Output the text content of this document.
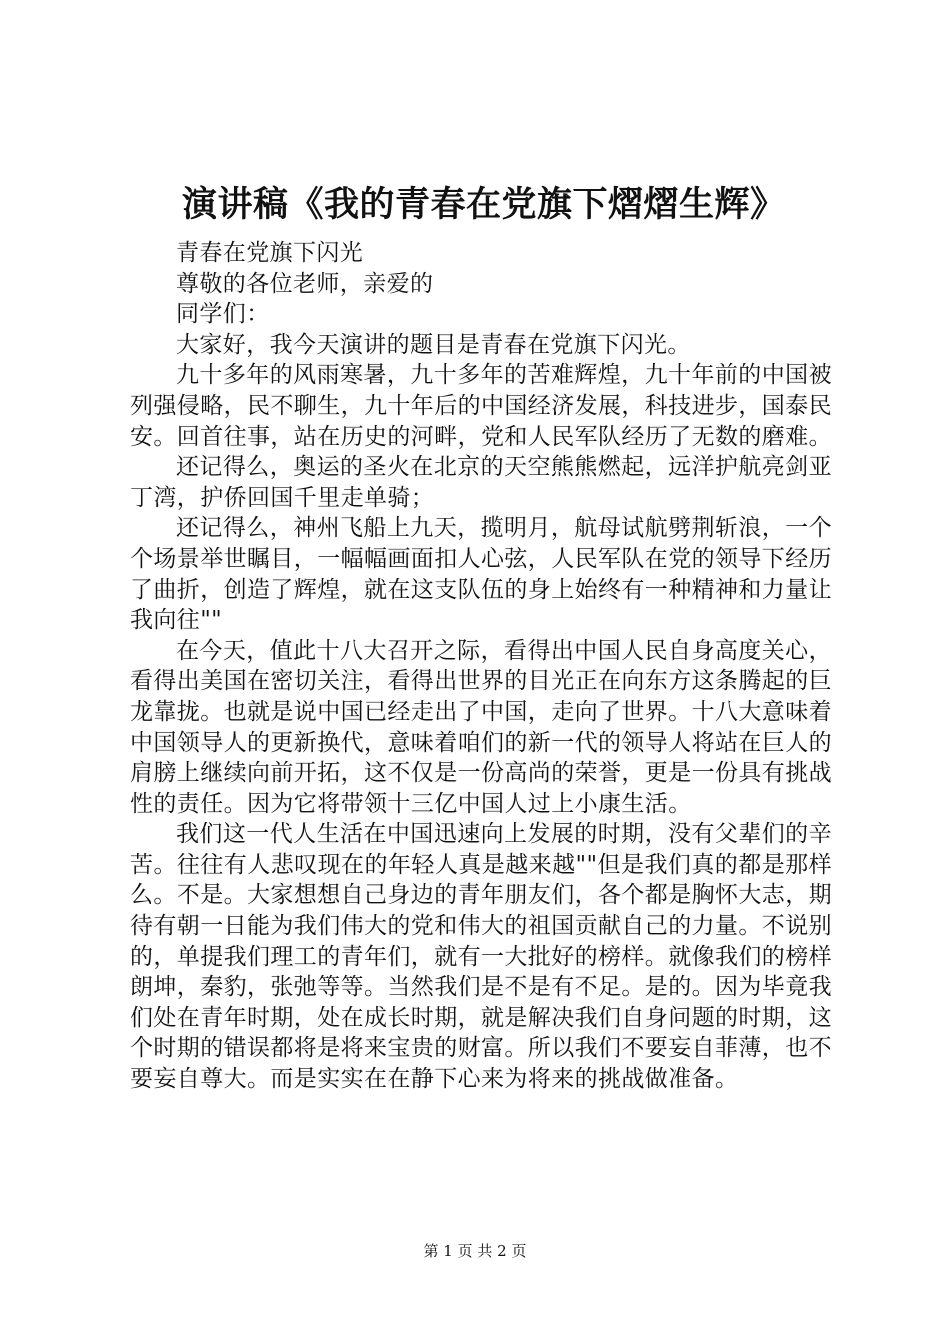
演讲稿《我的青春在党旗下熠熠生辉》

青春在党旗下闪光

尊敬的各位老师，亲爱的

同学们：

大家好，我今天演讲的题目是青春在党旗下闪光。

九十多年的风雨寒暑，九十多年的苦难辉煌，九十年前的中国被列强侵略，民不聊生，九十年后的中国经济发展，科技进步，国泰民安。回首往事，站在历史的河畔，党和人民军队经历了无数的磨难。

还记得么，奥运的圣火在北京的天空熊熊燃起，远洋护航亮剑亚丁湾，护侨回国千里走单骑；

还记得么，神州飞船上九天，揽明月，航母试航劈荆斩浪，一个个场景举世瞩目，一幅幅画面扣人心弦，人民军队在党的领导下经历了曲折，创造了辉煌，就在这支队伍的身上始终有一种精神和力量让我向往""

在今天，值此十八大召开之际，看得出中国人民自身高度关心，看得出美国在密切关注，看得出世界的目光正在向东方这条腾起的巨龙靠拢。也就是说中国已经走出了中国，走向了世界。十八大意味着中国领导人的更新换代，意味着咱们的新一代的领导人将站在巨人的肩膀上继续向前开拓，这不仅是一份高尚的荣誉，更是一份具有挑战性的责任。因为它将带领十三亿中国人过上小康生活。

我们这一代人生活在中国迅速向上发展的时期，没有父辈们的辛苦。往往有人悲叹现在的年轻人真是越来越""但是我们真的都是那样么。不是。大家想想自己身边的青年朋友们，各个都是胸怀大志，期待有朝一日能为我们伟大的党和伟大的祖国贡献自己的力量。不说别的，单提我们理工的青年们，就有一大批好的榜样。就像我们的榜样朗坤，秦豹，张弛等等。当然我们是不是有不足。是的。因为毕竟我们处在青年时期，处在成长时期，就是解决我们自身问题的时期，这个时期的错误都将是将来宝贵的财富。所以我们不要妄自菲薄，也不要妄自尊大。而是实实在在静下心来为将来的挑战做准备。

第 1 页 共 2 页
